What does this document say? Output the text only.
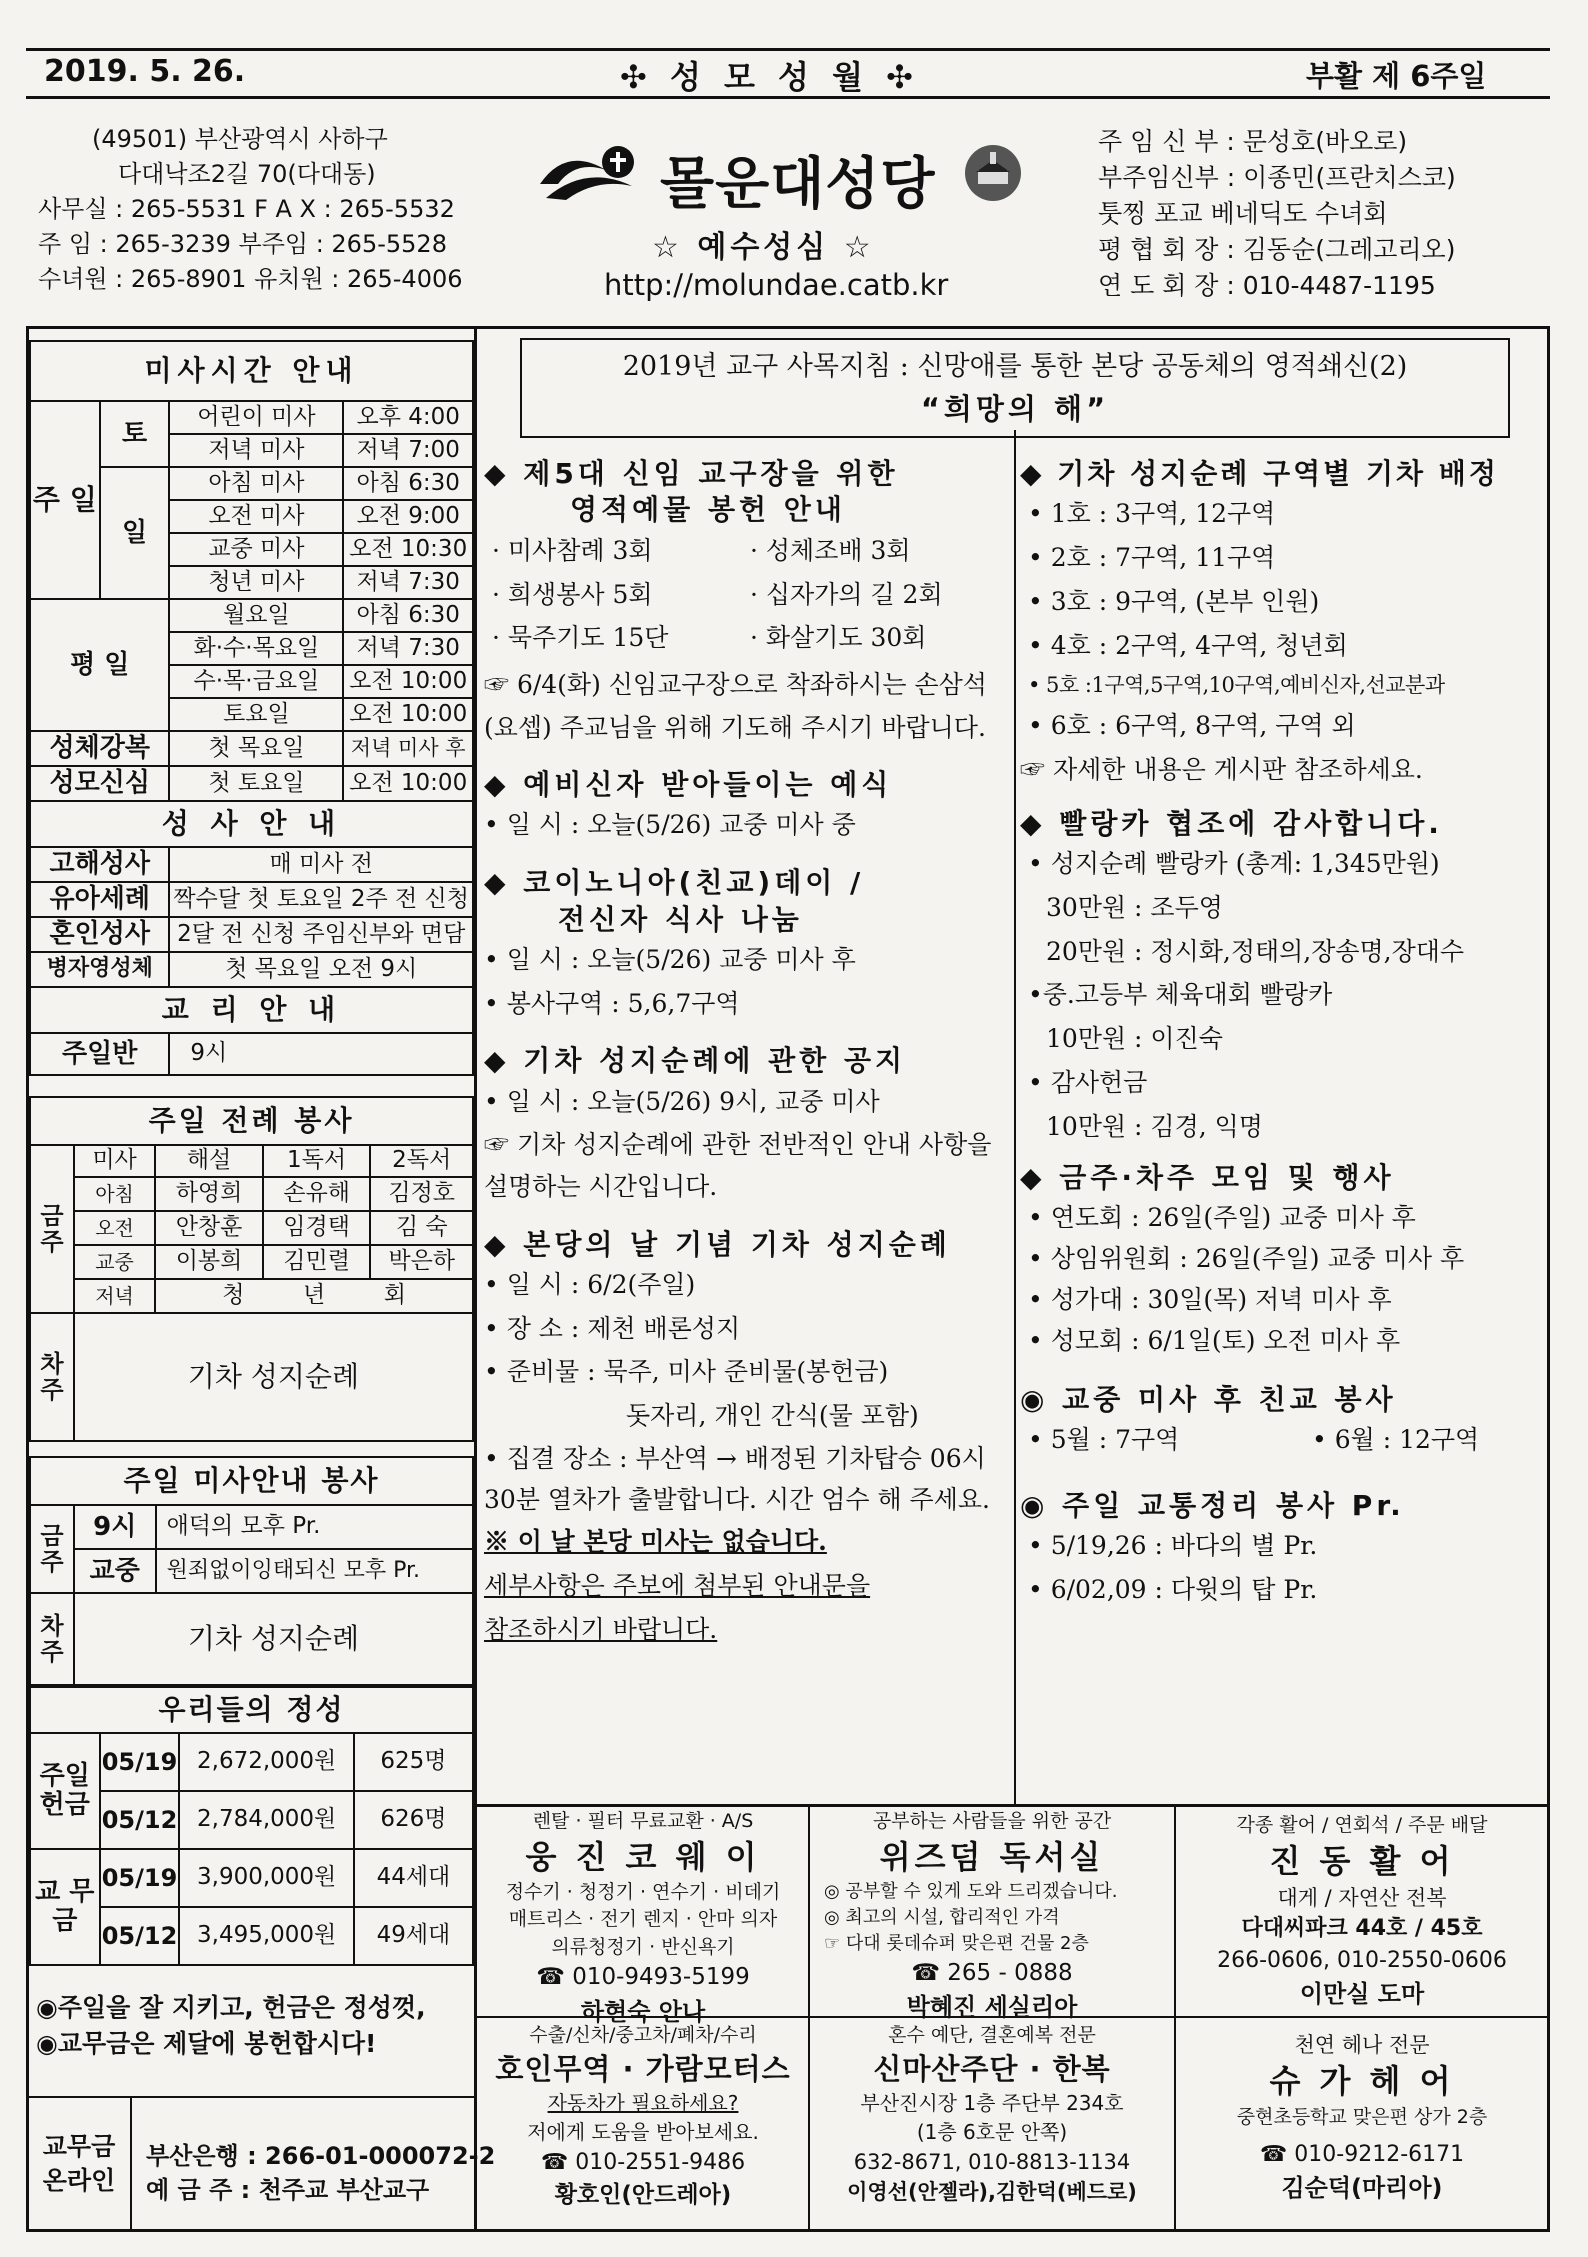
2019. 5. 26.	✣ 성 모 성 월 ✣	부활 제 6주일
(49501) 부산광역시 사하구
다대낙조2길 70(다대동)
사무실 : 265-5531 F A X : 265-5532
주 임 : 265-3239 부주임 : 265-5528
수녀원 : 265-8901 유치원 : 265-4006
몰운대성당
☆ 예수성심 ☆
http://molundae.catb.kr
주 임 신 부 : 문성호(바오로)
부주임신부 : 이종민(프란치스코)
툿찡 포교 베네딕도 수녀회
평 협 회 장 : 김동순(그레고리오)
연 도 회 장 : 010-4487-1195
미사시간 안내			
주 일	토	어린이 미사	오후 4:00
		저녁 미사	저녁 7:00
	일	아침 미사	아침 6:30
		오전 미사	오전 9:00
		교중 미사	오전 10:30
		청년 미사	저녁 7:30
평 일		월요일	아침 6:30
		화·수·목요일	저녁 7:30
		수·목·금요일	오전 10:00
		토요일	오전 10:00
성체강복		첫 목요일	저녁 미사 후
성모신심		첫 토요일	오전 10:00
성 사 안 내			
고해성사		매 미사 전	
유아세례		짝수달 첫 토요일 2주 전 신청	
혼인성사		2달 전 신청 주임신부와 면담	
병자영성체		첫 목요일 오전 9시	
교 리 안 내			
주일반		9시	
주일 전례 봉사				
금 주	미사	해설	1독서	2독서
	아침	하영희	손유해	김정호
	오전	안창훈	임경택	김 숙
	교중	이봉희	김민렬	박은하
	저녁	청        년        회		
차 주	기차 성지순례			
주일 미사안내 봉사		
금 주	9시	애덕의 모후 Pr.
	교중	원죄없이잉태되신 모후 Pr.
차 주	기차 성지순례	
우리들의 정성			
주일 헌금	05/19	2,672,000원	625명
	05/12	2,784,000원	626명
교 무 금	05/19	3,900,000원	44세대
	05/12	3,495,000원	49세대
◉주일을 잘 지키고, 헌금은 정성껏,
◉교무금은 제달에 봉헌합시다!
교무금 온라인
부산은행 : 266-01-000072-2
예 금 주 : 천주교 부산교구
2019년 교구 사목지침 : 신망애를 통한 본당 공동체의 영적쇄신(2)
“희망의 해”
◆ 제5대 신임 교구장을 위한
영적예물 봉헌 안내
· 미사참례 3회	· 성체조배 3회
· 희생봉사 5회	· 십자가의 길 2회
· 묵주기도 15단	· 화살기도 30회

☞ 6/4(화) 신임교구장으로 착좌하시는 손삼석(요셉) 주교님을 위해 기도해 주시기 바랍니다.

◆ 예비신자 받아들이는 예식

• 일 시 : 오늘(5/26) 교중 미사 중

◆ 코이노니아(친교)데이 /
전신자 식사 나눔

• 일 시 : 오늘(5/26) 교중 미사 후

• 봉사구역 : 5,6,7구역

◆ 기차 성지순례에 관한 공지

• 일 시 : 오늘(5/26) 9시, 교중 미사

☞ 기차 성지순례에 관한 전반적인 안내 사항을 설명하는 시간입니다.

◆ 본당의 날 기념 기차 성지순례

• 일 시 : 6/2(주일)

• 장 소 : 제천 배론성지

• 준비물 : 묵주, 미사 준비물(봉헌금)

돗자리, 개인 간식(물 포함)

• 집결 장소 : 부산역 → 배정된 기차탑승 06시 30분 열차가 출발합니다. 시간 엄수 해 주세요.

※ 이 날 본당 미사는 없습니다.

세부사항은 주보에 첨부된 안내문을

참조하시기 바랍니다.

◆ 기차 성지순례 구역별 기차 배정

• 1호 : 3구역, 12구역

• 2호 : 7구역, 11구역

• 3호 : 9구역, (본부 인원)

• 4호 : 2구역, 4구역, 청년회

• 5호 :1구역,5구역,10구역,예비신자,선교분과

• 6호 : 6구역, 8구역, 구역 외

☞ 자세한 내용은 게시판 참조하세요.

◆ 빨랑카 협조에 감사합니다.

• 성지순례 빨랑카 (총계: 1,345만원)

30만원 : 조두영

20만원 : 정시화,정태의,장송명,장대수

•중.고등부 체육대회 빨랑카

10만원 : 이진숙

• 감사헌금

10만원 : 김경, 익명

◆ 금주·차주 모임 및 행사

• 연도회 : 26일(주일) 교중 미사 후

• 상임위원회 : 26일(주일) 교중 미사 후

• 성가대 : 30일(목) 저녁 미사 후

• 성모회 : 6/1일(토) 오전 미사 후

◉ 교중 미사 후 친교 봉사
• 5월 : 7구역	• 6월 : 12구역
◉ 주일 교통정리 봉사 Pr.

• 5/19,26 : 바다의 별 Pr.

• 6/02,09 : 다윗의 탑 Pr.

렌탈 · 필터 무료교환 · A/S
웅 진 코 웨 이
정수기 · 청정기 · 연수기 · 비데기
매트리스 · 전기 렌지 · 안마 의자
의류청정기 · 반신욕기
☎ 010-9493-5199
하현숙 안나
공부하는 사람들을 위한 공간
위즈덤 독서실
◎ 공부할 수 있게 도와 드리겠습니다.
◎ 최고의 시설, 합리적인 가격
☞ 다대 롯데슈퍼 맞은편 건물 2층
☎ 265 - 0888
박혜진 세실리아
각종 활어 / 연회석 / 주문 배달
진 동 활 어
대게 / 자연산 전복
다대씨파크 44호 / 45호
266-0606, 010-2550-0606
이만실 도마
수출/신차/중고차/폐차/수리
호인무역 · 가람모터스
자동차가 필요하세요?
저에게 도움을 받아보세요.
☎ 010-2551-9486
황호인(안드레아)
혼수 예단, 결혼예복 전문
신마산주단 · 한복
부산진시장 1층 주단부 234호
(1층 6호문 안쪽)
632-8671, 010-8813-1134
이영선(안젤라),김한덕(베드로)
천연 헤나 전문
슈 가 헤 어
중현초등학교 맞은편 상가 2층
☎ 010-9212-6171
김순덕(마리아)
